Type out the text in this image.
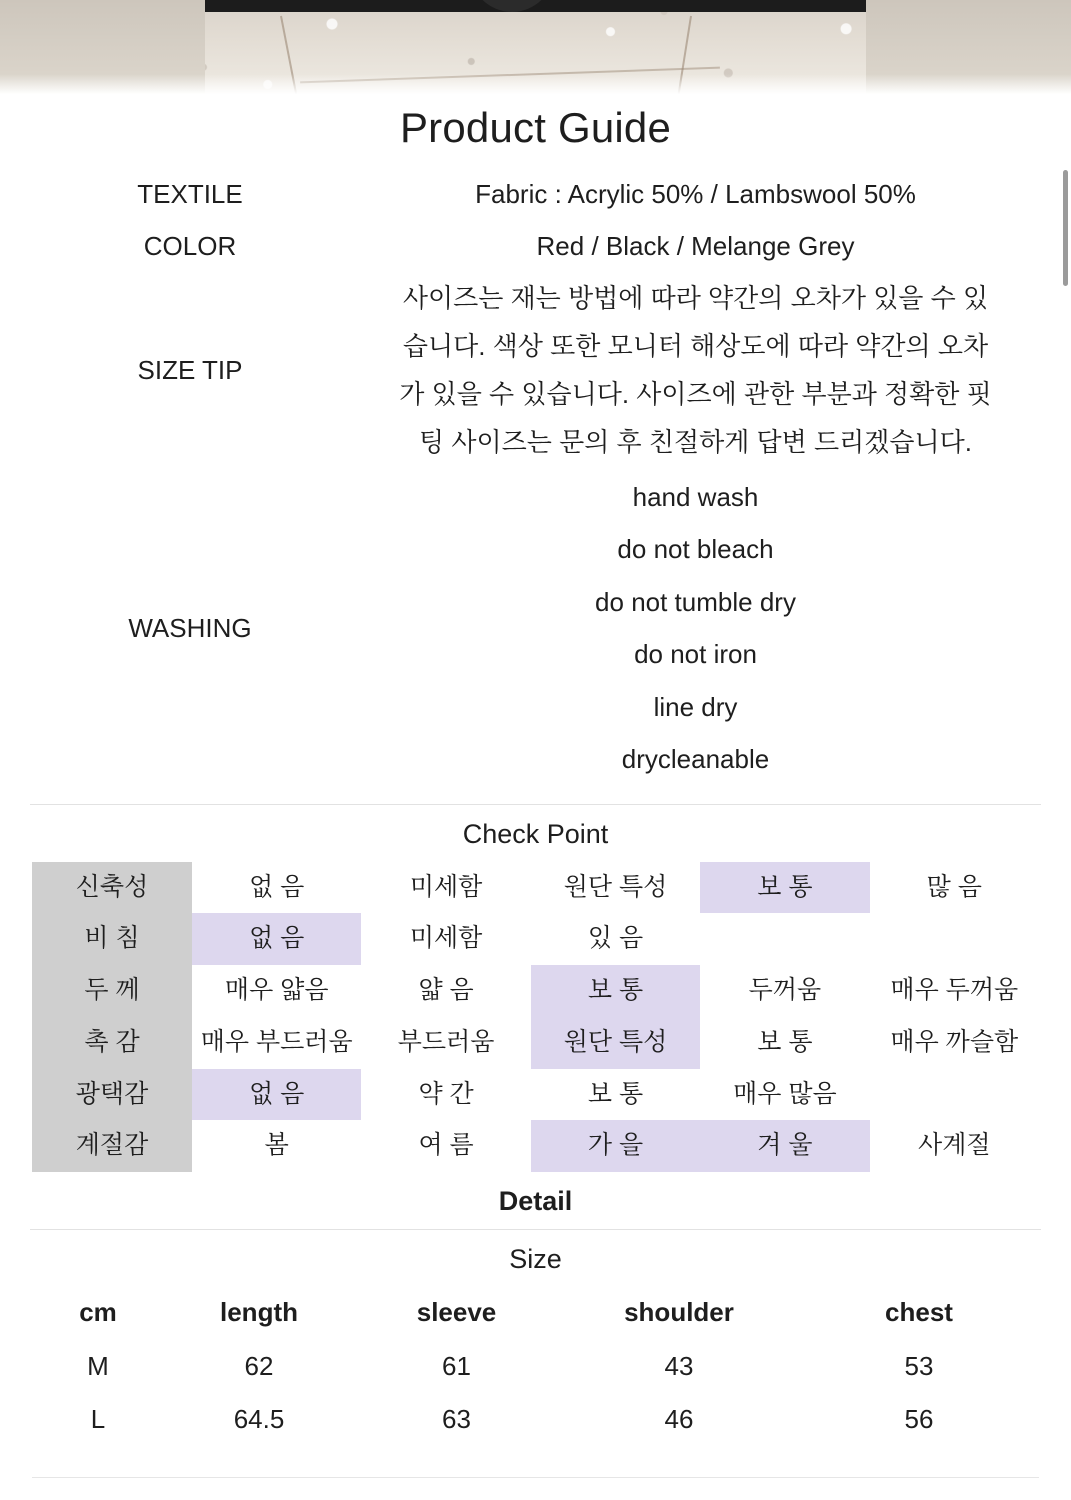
Product Guide
TEXTILE	Fabric : Acrylic 50% / Lambswool 50%
COLOR	Red / Black / Melange Grey
SIZE TIP
사이즈는 재는 방법에 따라 약간의 오차가 있을 수 있
습니다. 색상 또한 모니터 해상도에 따라 약간의 오차
가 있을 수 있습니다. 사이즈에 관한 부분과 정확한 핏
팅 사이즈는 문의 후 친절하게 답변 드리겠습니다.
WASHING
hand wash
do not bleach
do not tumble dry
do not iron
line dry
drycleanable
Check Point
신축성	없 음	미세함	원단 특성	보 통	많 음
비 침	없 음	미세함	있 음		
두 께	매우 얇음	얇 음	보 통	두꺼움	매우 두꺼움
촉 감	매우 부드러움	부드러움	원단 특성	보 통	매우 까슬함
광택감	없 음	약 간	보 통	매우 많음	
계절감	봄	여 름	가 을	겨 울	사계절
Detail
Size
cm	length	sleeve	shoulder	chest
M	62	61	43	53
L	64.5	63	46	56
